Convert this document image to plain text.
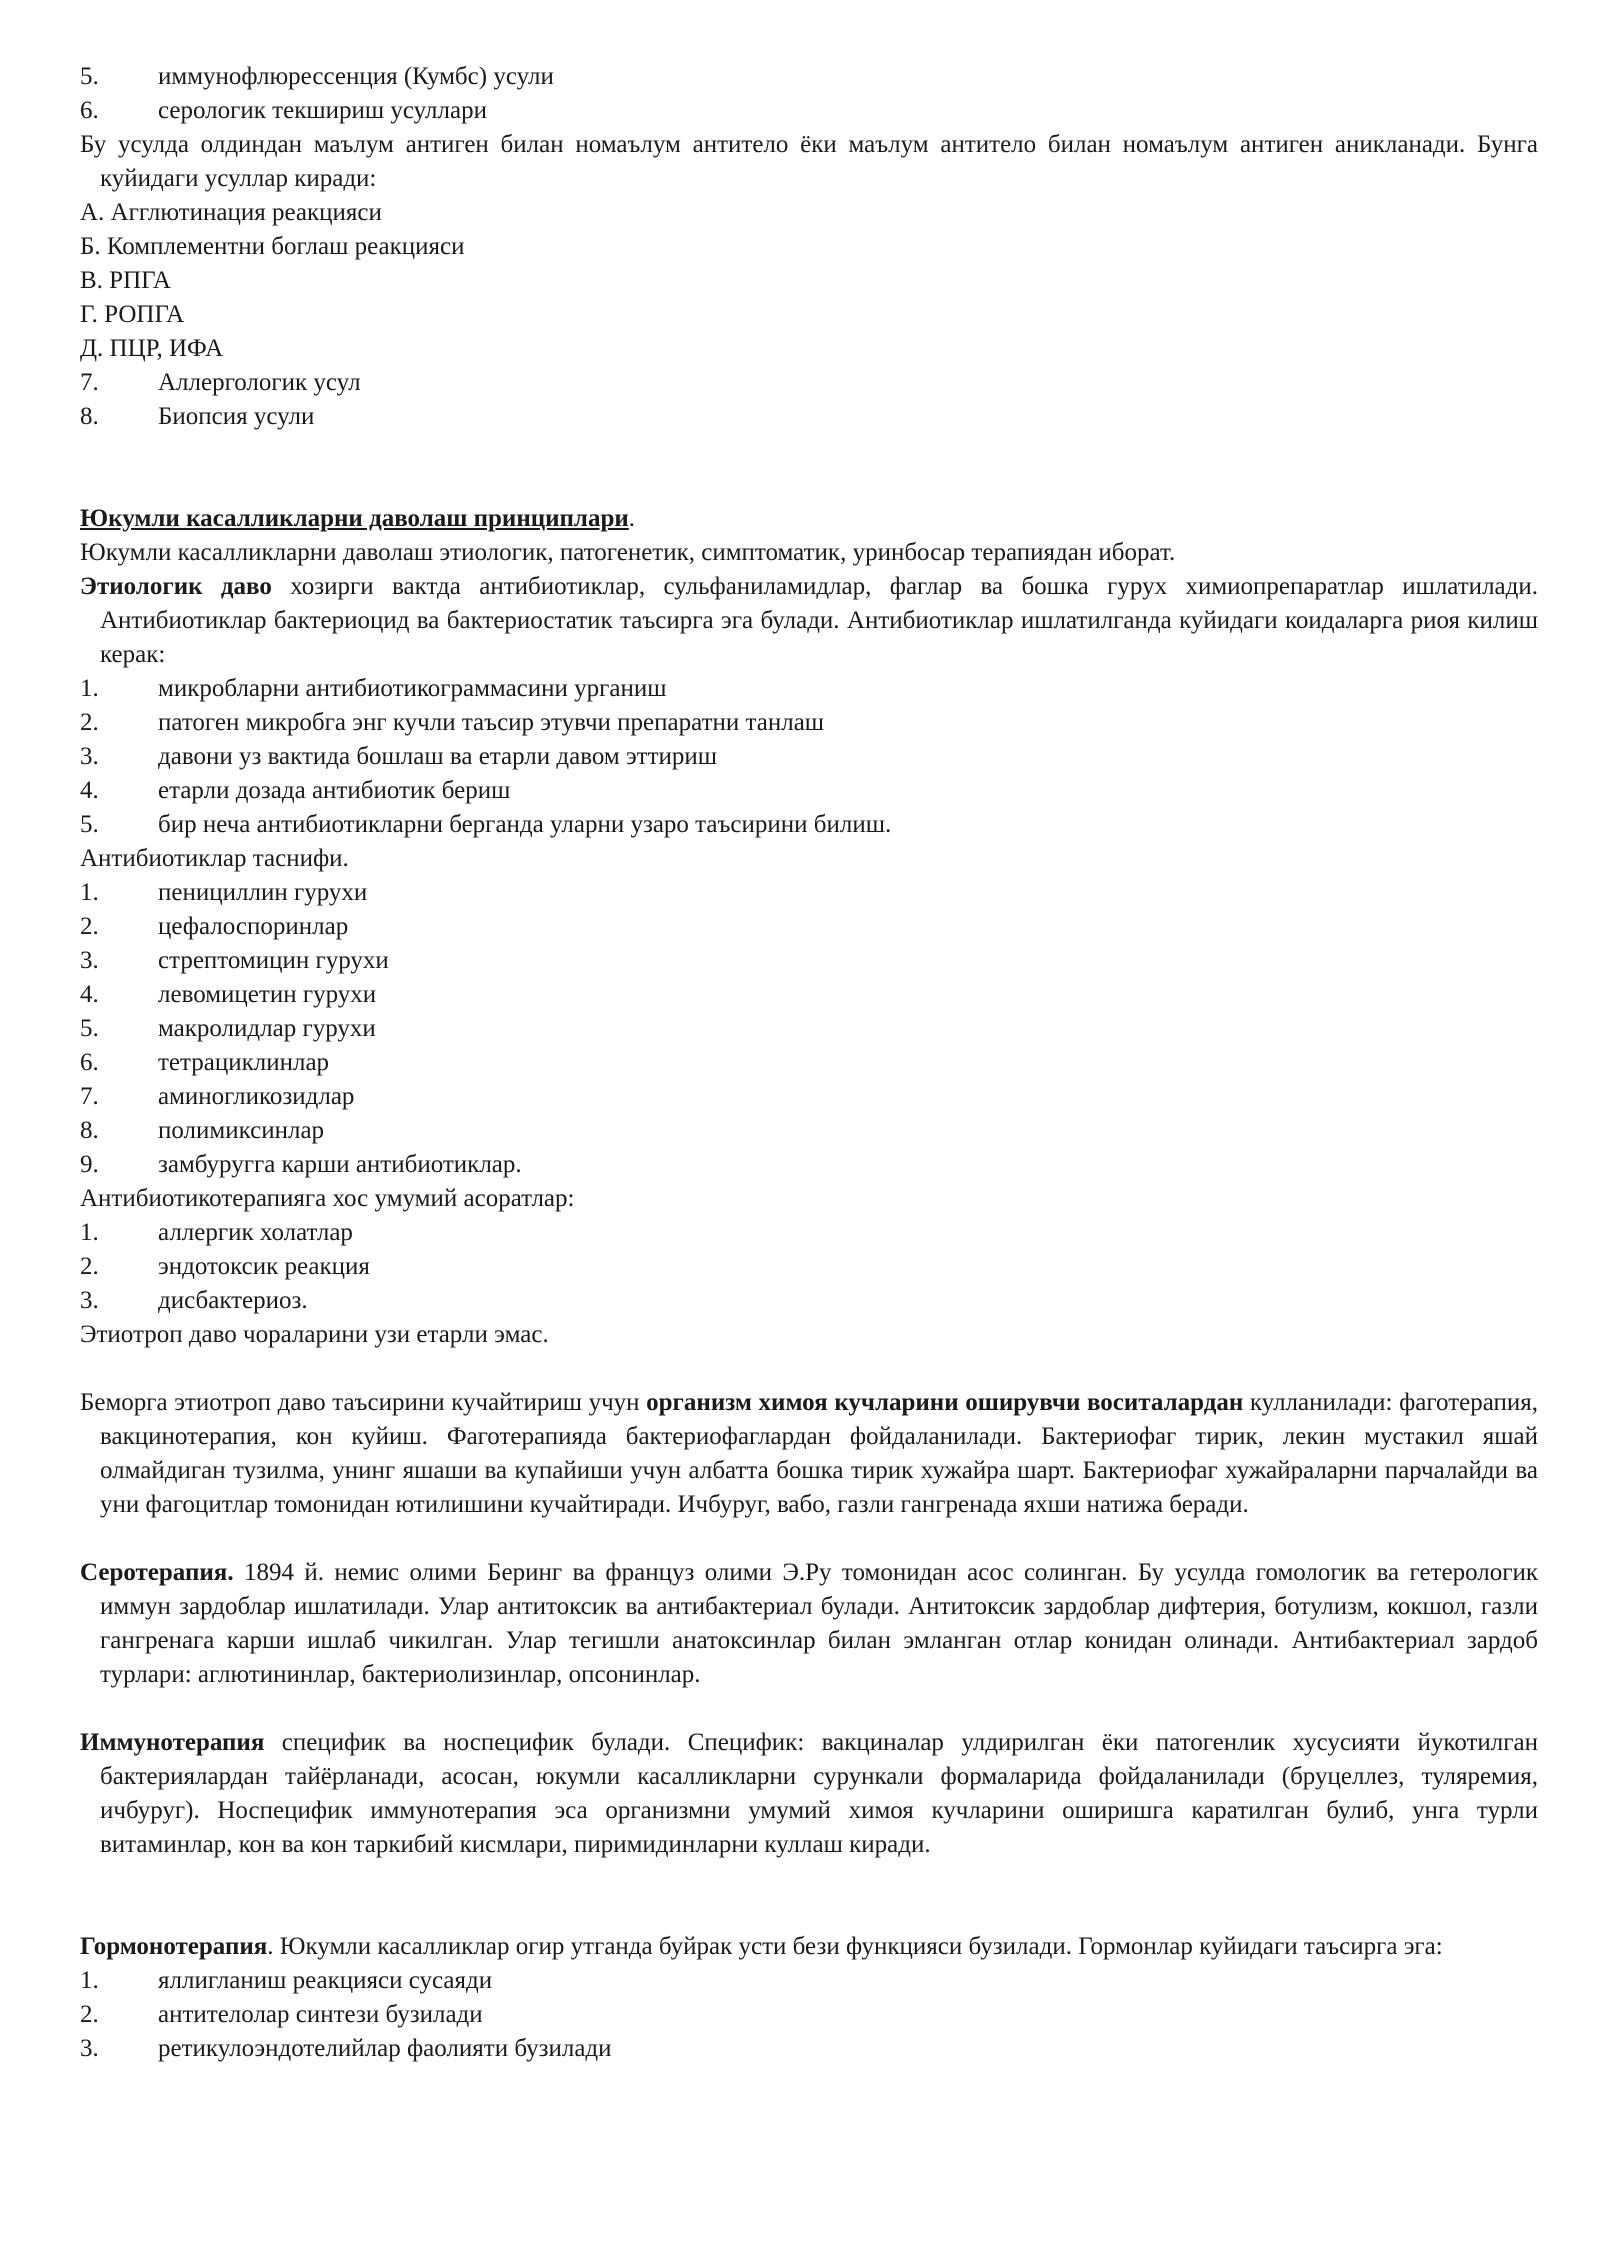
5.	иммунофлюрессенция (Кумбс) усули
6.	серологик текшириш усуллари
Бу усулда олдиндан маълум антиген билан номаълум антитело ёки маълум антитело билан номаълум антиген аникланади. Бунга куйидаги усуллар киради:
А. Агглютинация реакцияси
Б. Комплементни боглаш реакцияси
В. РПГА
Г. РОПГА
Д. ПЦР, ИФА
7.	Аллергологик усул
8.	Биопсия усули
Юкумли касалликларни даволаш принциплари.
Юкумли касалликларни даволаш этиологик, патогенетик, симптоматик, уринбосар терапиядан иборат.
Этиологик даво хозирги вактда антибиотиклар, сульфаниламидлар, фаглар ва бошка гурух химиопрепаратлар ишлатилади. Антибиотиклар бактериоцид ва бактериостатик таъсирга эга булади. Антибиотиклар ишлатилганда куйидаги коидаларга риоя килиш керак:
1.	микробларни антибиотикограммасини урганиш
2.	патоген микробга энг кучли таъсир этувчи препаратни танлаш
3.	давони уз вактида бошлаш ва етарли давом эттириш
4.	етарли дозада антибиотик бериш
5.	бир неча антибиотикларни берганда уларни узаро таъсирини билиш.
Антибиотиклар таснифи.
1.	пенициллин гурухи
2.	цефалоспоринлар
3.	стрептомицин гурухи
4.	левомицетин гурухи
5.	макролидлар гурухи
6.	тетрациклинлар
7.	аминогликозидлар
8.	полимиксинлар
9.	замбуругга карши антибиотиклар.
Антибиотикотерапияга хос умумий асоратлар:
1.	аллергик холатлар
2.	эндотоксик реакция
3.	дисбактериоз.
Этиотроп даво чораларини узи етарли эмас.
Беморга этиотроп даво таъсирини кучайтириш учун организм химоя кучларини оширувчи воситалардан кулланилади: фаготерапия, вакцинотерапия, кон куйиш. Фаготерапияда бактериофаглардан фойдаланилади. Бактериофаг тирик, лекин мустакил яшай олмайдиган тузилма, унинг яшаши ва купайиши учун албатта бошка тирик хужайра шарт. Бактериофаг хужайраларни парчалайди ва уни фагоцитлар томонидан ютилишини кучайтиради. Ичбуруг, вабо, газли гангренада яхши натижа беради.
Серотерапия. 1894 й. немис олими Беринг ва француз олими Э.Ру томонидан асос солинган. Бу усулда гомологик ва гетерологик иммун зардоблар ишлатилади. Улар антитоксик ва антибактериал булади. Антитоксик зардоблар дифтерия, ботулизм, кокшол, газли гангренага карши ишлаб чикилган. Улар тегишли анатоксинлар билан эмланган отлар конидан олинади. Антибактериал зардоб турлари: аглютининлар, бактериолизинлар, опсонинлар.
Иммунотерапия специфик ва носпецифик булади. Специфик: вакциналар улдирилган ёки патогенлик хусусияти йукотилган бактериялардан тайёрланади, асосан, юкумли касалликларни сурункали формаларида фойдаланилади (бруцеллез, туляремия, ичбуруг). Носпецифик иммунотерапия эса организмни умумий химоя кучларини оширишга каратилган булиб, унга турли витаминлар, кон ва кон таркибий кисмлари, пиримидинларни куллаш киради.
Гормонотерапия. Юкумли касалликлар огир утганда буйрак усти бези функцияси бузилади. Гормонлар куйидаги таъсирга эга:
1.	яллигланиш реакцияси сусаяди
2.	антителолар синтези бузилади
3.	ретикулоэндотелийлар фаолияти бузилади
